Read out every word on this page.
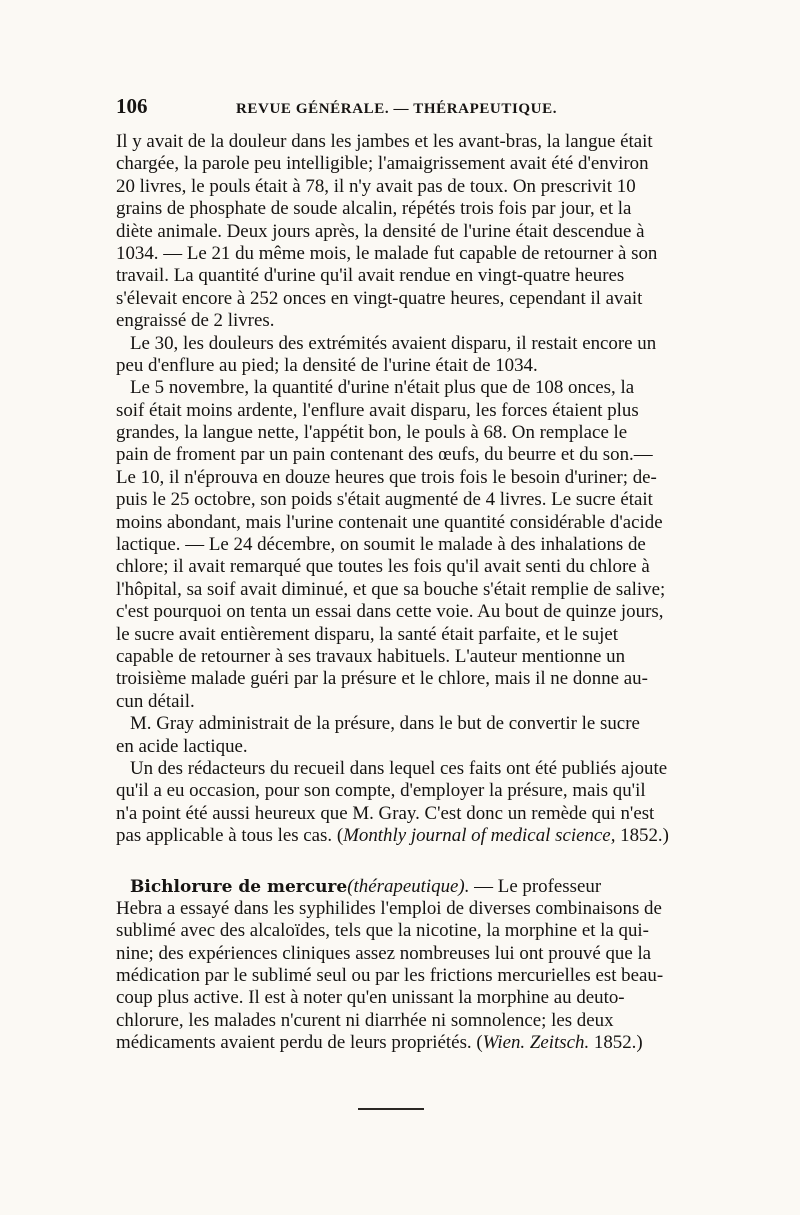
106	REVUE GÉNÉRALE. — THÉRAPEUTIQUE.
Il y avait de la douleur dans les jambes et les avant-bras, la langue était
chargée, la parole peu intelligible; l'amaigrissement avait été d'environ
20 livres, le pouls était à 78, il n'y avait pas de toux. On prescrivit 10
grains de phosphate de soude alcalin, répétés trois fois par jour, et la
diète animale. Deux jours après, la densité de l'urine était descendue à
1034. — Le 21 du même mois, le malade fut capable de retourner à son
travail. La quantité d'urine qu'il avait rendue en vingt-quatre heures
s'élevait encore à 252 onces en vingt-quatre heures, cependant il avait
engraissé de 2 livres.
Le 30, les douleurs des extrémités avaient disparu, il restait encore un
peu d'enflure au pied; la densité de l'urine était de 1034.
Le 5 novembre, la quantité d'urine n'était plus que de 108 onces, la
soif était moins ardente, l'enflure avait disparu, les forces étaient plus
grandes, la langue nette, l'appétit bon, le pouls à 68. On remplace le
pain de froment par un pain contenant des œufs, du beurre et du son.—
Le 10, il n'éprouva en douze heures que trois fois le besoin d'uriner; de-
puis le 25 octobre, son poids s'était augmenté de 4 livres. Le sucre était
moins abondant, mais l'urine contenait une quantité considérable d'acide
lactique. — Le 24 décembre, on soumit le malade à des inhalations de
chlore; il avait remarqué que toutes les fois qu'il avait senti du chlore à
l'hôpital, sa soif avait diminué, et que sa bouche s'était remplie de salive;
c'est pourquoi on tenta un essai dans cette voie. Au bout de quinze jours,
le sucre avait entièrement disparu, la santé était parfaite, et le sujet
capable de retourner à ses travaux habituels. L'auteur mentionne un
troisième malade guéri par la présure et le chlore, mais il ne donne au-
cun détail.
M. Gray administrait de la présure, dans le but de convertir le sucre
en acide lactique.
Un des rédacteurs du recueil dans lequel ces faits ont été publiés ajoute
qu'il a eu occasion, pour son compte, d'employer la présure, mais qu'il
n'a point été aussi heureux que M. Gray. C'est donc un remède qui n'est
pas applicable à tous les cas. (Monthly journal of medical science, 1852.)
Bichlorure de mercure(thérapeutique). — Le professeur
Hebra a essayé dans les syphilides l'emploi de diverses combinaisons de
sublimé avec des alcaloïdes, tels que la nicotine, la morphine et la qui-
nine; des expériences cliniques assez nombreuses lui ont prouvé que la
médication par le sublimé seul ou par les frictions mercurielles est beau-
coup plus active. Il est à noter qu'en unissant la morphine au deuto-
chlorure, les malades n'curent ni diarrhée ni somnolence; les deux
médicaments avaient perdu de leurs propriétés. (Wien. Zeitsch. 1852.)
